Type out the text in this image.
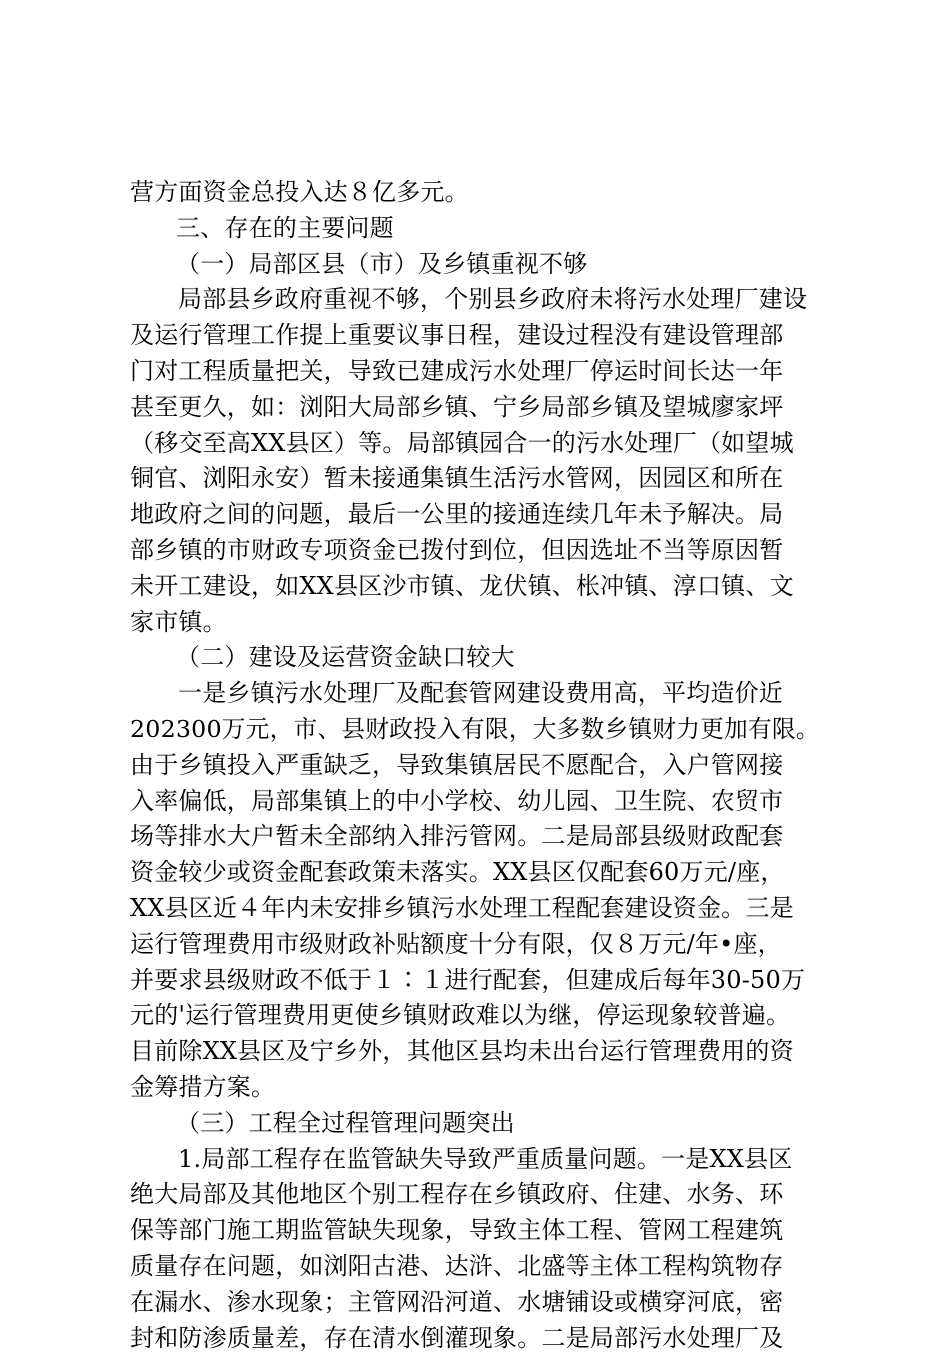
营方面资金总投入达８亿多元。
三、存在的主要问题
（一）局部区县（市）及乡镇重视不够
局部县乡政府重视不够，个别县乡政府未将污水处理厂建设
及运行管理工作提上重要议事日程，建设过程没有建设管理部
门对工程质量把关，导致已建成污水处理厂停运时间长达一年
甚至更久，如：浏阳大局部乡镇、宁乡局部乡镇及望城廖家坪
（移交至高XX县区）等。局部镇园合一的污水处理厂（如望城
铜官、浏阳永安）暂未接通集镇生活污水管网，因园区和所在
地政府之间的问题，最后一公里的接通连续几年未予解决。局
部乡镇的市财政专项资金已拨付到位，但因选址不当等原因暂
未开工建设，如XX县区沙市镇、龙伏镇、枨冲镇、淳口镇、文
家市镇。
（二）建设及运营资金缺口较大
一是乡镇污水处理厂及配套管网建设费用高，平均造价近
202300万元，市、县财政投入有限，大多数乡镇财力更加有限。
由于乡镇投入严重缺乏，导致集镇居民不愿配合，入户管网接
入率偏低，局部集镇上的中小学校、幼儿园、卫生院、农贸市
场等排水大户暂未全部纳入排污管网。二是局部县级财政配套
资金较少或资金配套政策未落实。XX县区仅配套60万元/座，
XX县区近４年内未安排乡镇污水处理工程配套建设资金。三是
运行管理费用市级财政补贴额度十分有限，仅８万元/年•座，
并要求县级财政不低于１∶１进行配套，但建成后每年30-50万
元的'运行管理费用更使乡镇财政难以为继，停运现象较普遍。
目前除XX县区及宁乡外，其他区县均未出台运行管理费用的资
金筹措方案。
（三）工程全过程管理问题突出
1.局部工程存在监管缺失导致严重质量问题。一是XX县区
绝大局部及其他地区个别工程存在乡镇政府、住建、水务、环
保等部门施工期监管缺失现象，导致主体工程、管网工程建筑
质量存在问题，如浏阳古港、达浒、北盛等主体工程构筑物存
在漏水、渗水现象；主管网沿河道、水塘铺设或横穿河底，密
封和防渗质量差，存在清水倒灌现象。二是局部污水处理厂及
